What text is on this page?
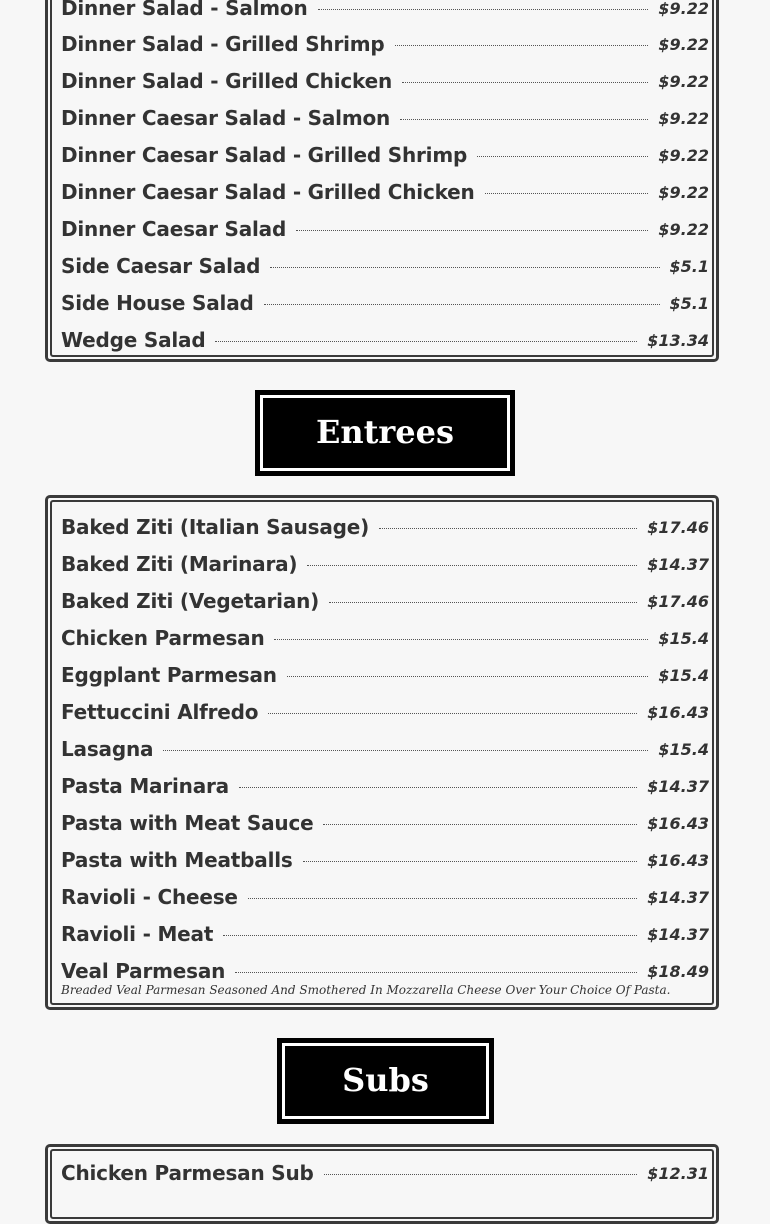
Dinner Salad - Salmon	$9.22
Dinner Salad - Grilled Shrimp	$9.22
Dinner Salad - Grilled Chicken	$9.22
Dinner Caesar Salad - Salmon	$9.22
Dinner Caesar Salad - Grilled Shrimp	$9.22
Dinner Caesar Salad - Grilled Chicken	$9.22
Dinner Caesar Salad	$9.22
Side Caesar Salad	$5.1
Side House Salad	$5.1
Wedge Salad	$13.34
Entrees
Baked Ziti (Italian Sausage)	$17.46
Baked Ziti (Marinara)	$14.37
Baked Ziti (Vegetarian)	$17.46
Chicken Parmesan	$15.4
Eggplant Parmesan	$15.4
Fettuccini Alfredo	$16.43
Lasagna	$15.4
Pasta Marinara	$14.37
Pasta with Meat Sauce	$16.43
Pasta with Meatballs	$16.43
Ravioli - Cheese	$14.37
Ravioli - Meat	$14.37
Veal Parmesan	$18.49
Breaded Veal Parmesan Seasoned And Smothered In Mozzarella Cheese Over Your Choice Of Pasta.
Subs
Chicken Parmesan Sub	$12.31
